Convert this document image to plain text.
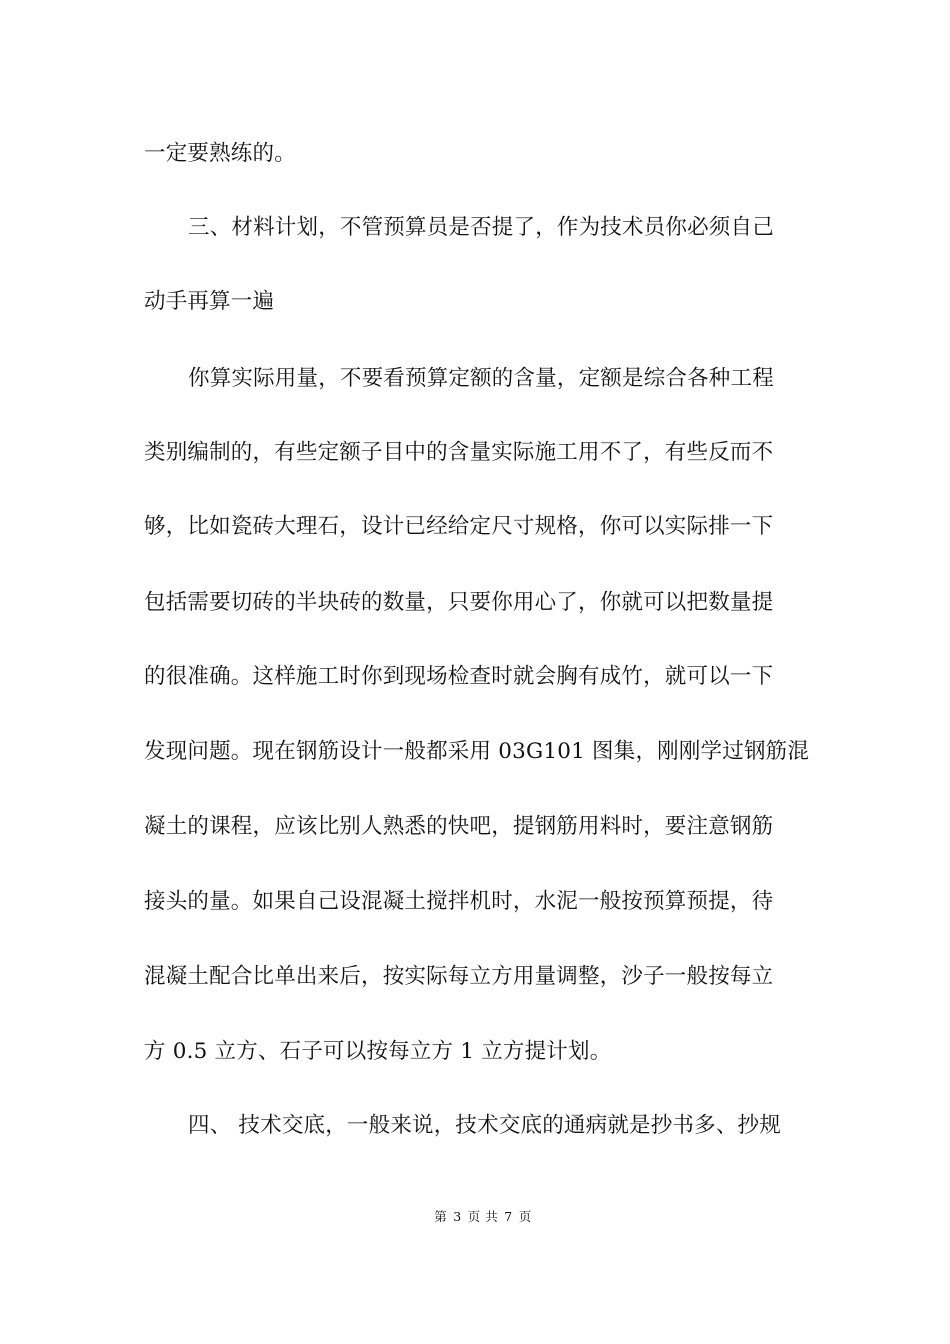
一定要熟练的。
三、材料计划，不管预算员是否提了，作为技术员你必须自己
动手再算一遍
你算实际用量，不要看预算定额的含量，定额是综合各种工程
类别编制的，有些定额子目中的含量实际施工用不了，有些反而不
够，比如瓷砖大理石，设计已经给定尺寸规格，你可以实际排一下
包括需要切砖的半块砖的数量，只要你用心了，你就可以把数量提
的很准确。这样施工时你到现场检查时就会胸有成竹，就可以一下
发现问题。现在钢筋设计一般都采用 03G101 图集，刚刚学过钢筋混
凝土的课程，应该比别人熟悉的快吧，提钢筋用料时，要注意钢筋
接头的量。如果自己设混凝土搅拌机时，水泥一般按预算预提，待
混凝土配合比单出来后，按实际每立方用量调整，沙子一般按每立
方 0.5 立方、石子可以按每立方 1 立方提计划。
四、 技术交底，一般来说，技术交底的通病就是抄书多、抄规
第 3 页 共 7 页
